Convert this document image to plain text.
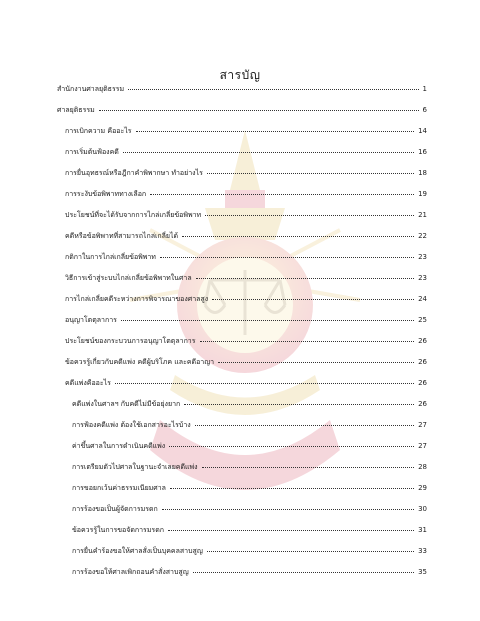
สารบัญ
สำนักงานศาลยุติธรรม	1
ศาลยุติธรรม	6
การเบิกความ คืออะไร	14
การเริ่มต้นฟ้องคดี	16
การยื่นอุทธรณ์หรือฎีกาคำพิพากษา ทำอย่างไร	18
การระงับข้อพิพาททางเลือก	19
ประโยชน์ที่จะได้รับจากการไกล่เกลี่ยข้อพิพาท	21
คดีหรือข้อพิพาทที่สามารถไกล่เกลี่ยได้	22
กติกาในการไกล่เกลี่ยข้อพิพาท	23
วิธีการเข้าสู่ระบบไกล่เกลี่ยข้อพิพาทในศาล	23
การไกล่เกลี่ยคดีระหว่างการพิจารณาของศาลสูง	24
อนุญาโตตุลาการ	25
ประโยชน์ของกระบวนการอนุญาโตตุลาการ	26
ข้อควรรู้เกี่ยวกับคดีแพ่ง คดีผู้บริโภค และคดีอาญา	26
คดีแพ่งคืออะไร	26
คดีแพ่งในศาลฯ กับคดีไม่มีข้อยุ่งยาก	26
การฟ้องคดีแพ่ง ต้องใช้เอกสารอะไรบ้าง	27
ค่าขึ้นศาลในการดำเนินคดีแพ่ง	27
การเตรียมตัวไปศาลในฐานะจำเลยคดีแพ่ง	28
การขอยกเว้นค่าธรรมเนียมศาล	29
การร้องขอเป็นผู้จัดการมรดก	30
ข้อควรรู้ในการขอจัดการมรดก	31
การยื่นคำร้องขอให้ศาลสั่งเป็นบุคคลสาบสูญ	33
การร้องขอให้ศาลเพิกถอนคำสั่งสาบสูญ	35
